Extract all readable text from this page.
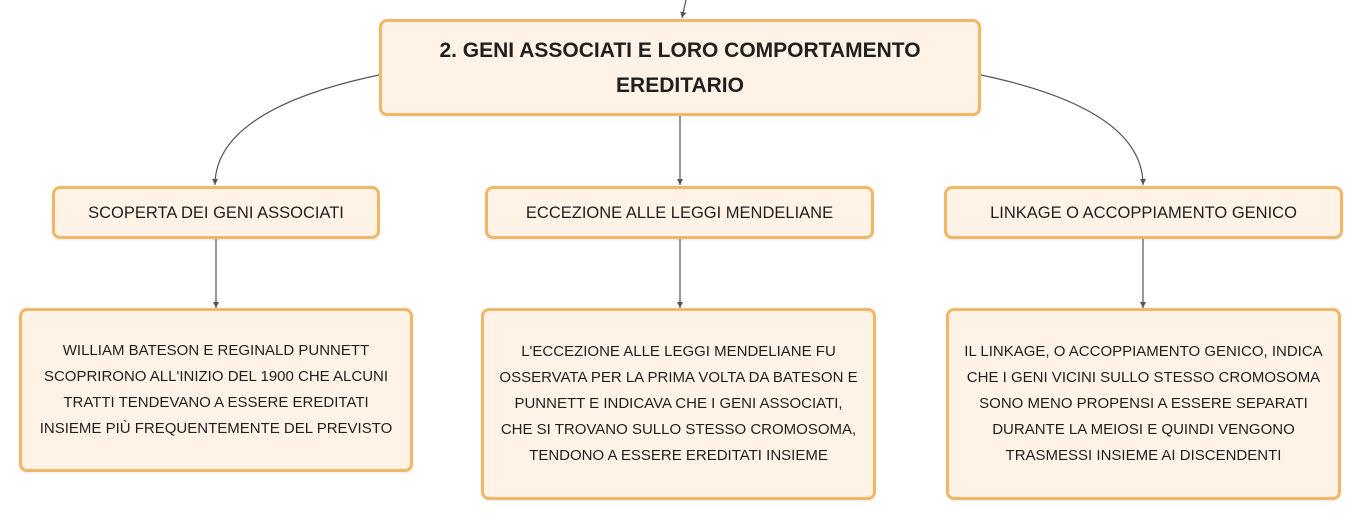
2. GENI ASSOCIATI E LORO COMPORTAMENTO EREDITARIO
SCOPERTA DEI GENI ASSOCIATI	ECCEZIONE ALLE LEGGI MENDELIANE	LINKAGE O ACCOPPIAMENTO GENICO
WILLIAM BATESON E REGINALD PUNNETT SCOPRIRONO ALL'INIZIO DEL 1900 CHE ALCUNI TRATTI TENDEVANO A ESSERE EREDITATI INSIEME PIÙ FREQUENTEMENTE DEL PREVISTO
L'ECCEZIONE ALLE LEGGI MENDELIANE FU OSSERVATA PER LA PRIMA VOLTA DA BATESON E PUNNETT E INDICAVA CHE I GENI ASSOCIATI, CHE SI TROVANO SULLO STESSO CROMOSOMA, TENDONO A ESSERE EREDITATI INSIEME
IL LINKAGE, O ACCOPPIAMENTO GENICO, INDICA CHE I GENI VICINI SULLO STESSO CROMOSOMA SONO MENO PROPENSI A ESSERE SEPARATI DURANTE LA MEIOSI E QUINDI VENGONO TRASMESSI INSIEME AI DISCENDENTI
